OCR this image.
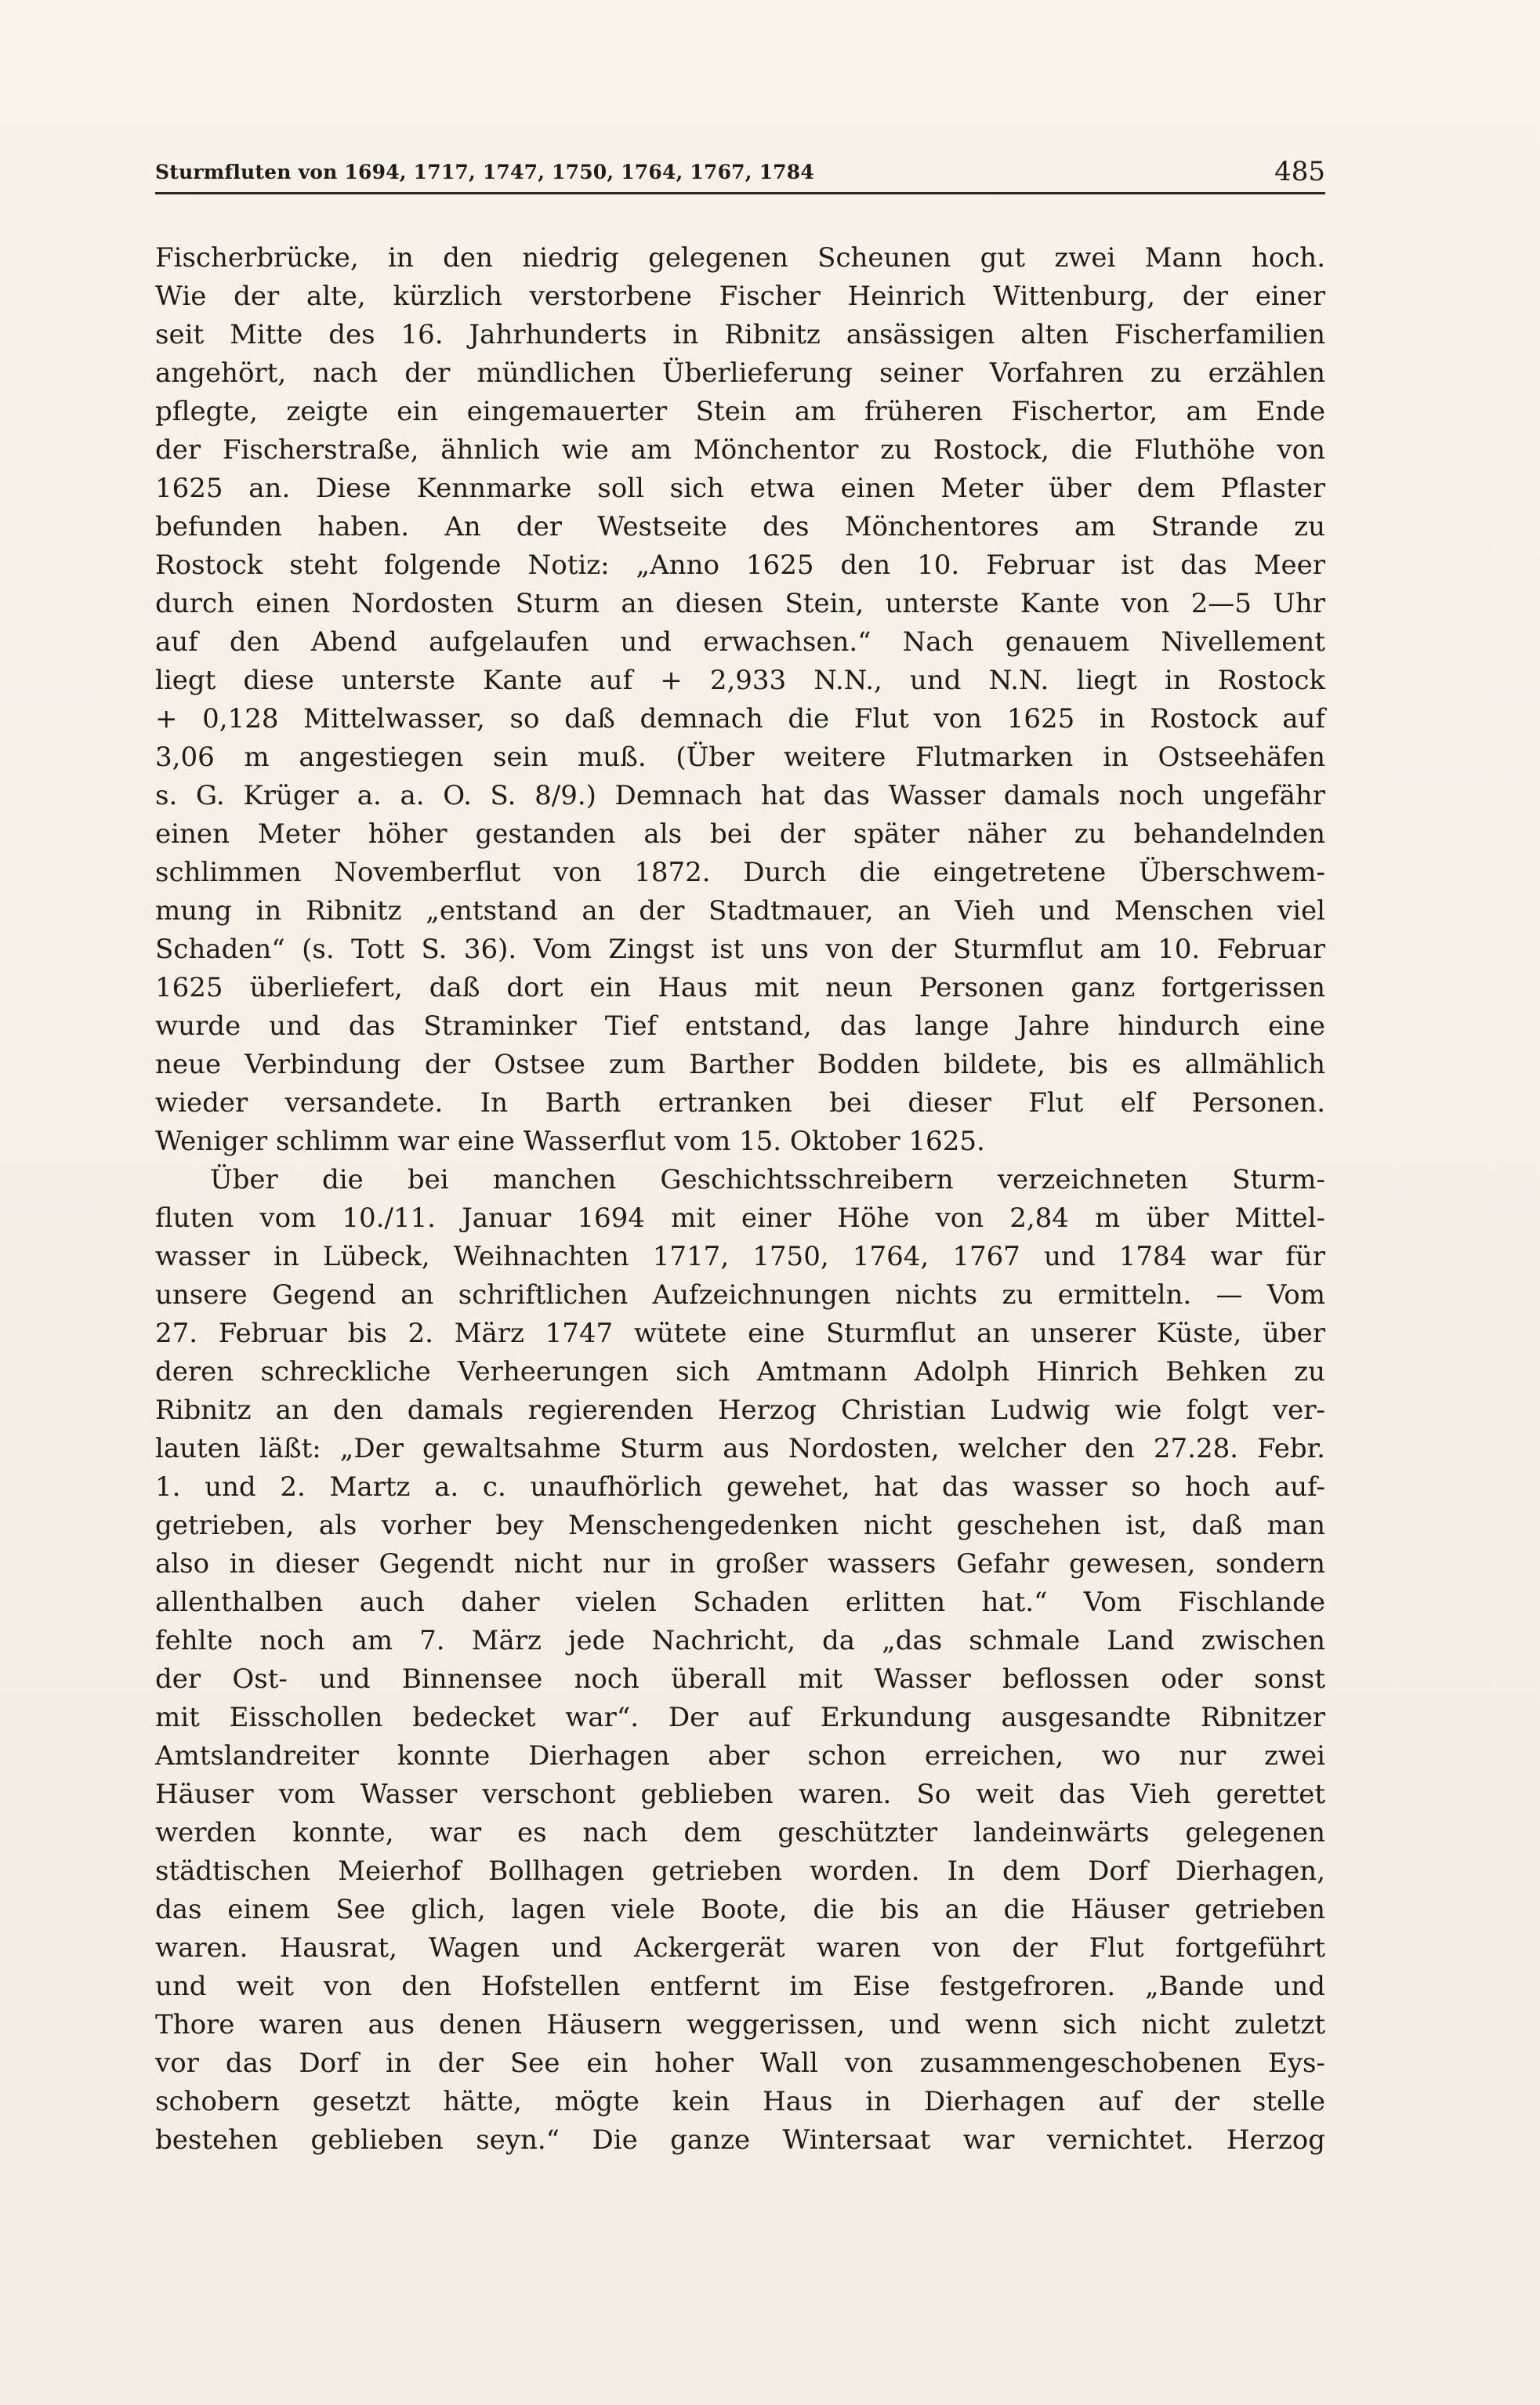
Sturmfluten von 1694, 1717, 1747, 1750, 1764, 1767, 1784	485
Fischerbrücke, in den niedrig gelegenen Scheunen gut zwei Mann hoch.
Wie der alte, kürzlich verstorbene Fischer Heinrich Wittenburg, der einer
seit Mitte des 16. Jahrhunderts in Ribnitz ansässigen alten Fischerfamilien
angehört, nach der mündlichen Überlieferung seiner Vorfahren zu erzählen
pflegte, zeigte ein eingemauerter Stein am früheren Fischertor, am Ende
der Fischerstraße, ähnlich wie am Mönchentor zu Rostock, die Fluthöhe von
1625 an. Diese Kennmarke soll sich etwa einen Meter über dem Pflaster
befunden haben. An der Westseite des Mönchentores am Strande zu
Rostock steht folgende Notiz: „Anno 1625 den 10. Februar ist das Meer
durch einen Nordosten Sturm an diesen Stein, unterste Kante von 2—5 Uhr
auf den Abend aufgelaufen und erwachsen.“ Nach genauem Nivellement
liegt diese unterste Kante auf + 2,933 N.N., und N.N. liegt in Rostock
+ 0,128 Mittelwasser, so daß demnach die Flut von 1625 in Rostock auf
3,06 m angestiegen sein muß. (Über weitere Flutmarken in Ostseehäfen
s. G. Krüger a. a. O. S. 8/9.) Demnach hat das Wasser damals noch ungefähr
einen Meter höher gestanden als bei der später näher zu behandelnden
schlimmen Novemberflut von 1872. Durch die eingetretene Überschwem-
mung in Ribnitz „entstand an der Stadtmauer, an Vieh und Menschen viel
Schaden“ (s. Tott S. 36). Vom Zingst ist uns von der Sturmflut am 10. Februar
1625 überliefert, daß dort ein Haus mit neun Personen ganz fortgerissen
wurde und das Straminker Tief entstand, das lange Jahre hindurch eine
neue Verbindung der Ostsee zum Barther Bodden bildete, bis es allmählich
wieder versandete. In Barth ertranken bei dieser Flut elf Personen.
Weniger schlimm war eine Wasserflut vom 15. Oktober 1625.
Über die bei manchen Geschichtsschreibern verzeichneten Sturm-
fluten vom 10./11. Januar 1694 mit einer Höhe von 2,84 m über Mittel-
wasser in Lübeck, Weihnachten 1717, 1750, 1764, 1767 und 1784 war für
unsere Gegend an schriftlichen Aufzeichnungen nichts zu ermitteln. — Vom
27. Februar bis 2. März 1747 wütete eine Sturmflut an unserer Küste, über
deren schreckliche Verheerungen sich Amtmann Adolph Hinrich Behken zu
Ribnitz an den damals regierenden Herzog Christian Ludwig wie folgt ver-
lauten läßt: „Der gewaltsahme Sturm aus Nordosten, welcher den 27.28. Febr.
1. und 2. Martz a. c. unaufhörlich gewehet, hat das wasser so hoch auf-
getrieben, als vorher bey Menschengedenken nicht geschehen ist, daß man
also in dieser Gegendt nicht nur in großer wassers Gefahr gewesen, sondern
allenthalben auch daher vielen Schaden erlitten hat.“ Vom Fischlande
fehlte noch am 7. März jede Nachricht, da „das schmale Land zwischen
der Ost- und Binnensee noch überall mit Wasser beflossen oder sonst
mit Eisschollen bedecket war“. Der auf Erkundung ausgesandte Ribnitzer
Amtslandreiter konnte Dierhagen aber schon erreichen, wo nur zwei
Häuser vom Wasser verschont geblieben waren. So weit das Vieh gerettet
werden konnte, war es nach dem geschützter landeinwärts gelegenen
städtischen Meierhof Bollhagen getrieben worden. In dem Dorf Dierhagen,
das einem See glich, lagen viele Boote, die bis an die Häuser getrieben
waren. Hausrat, Wagen und Ackergerät waren von der Flut fortgeführt
und weit von den Hofstellen entfernt im Eise festgefroren. „Bande und
Thore waren aus denen Häusern weggerissen, und wenn sich nicht zuletzt
vor das Dorf in der See ein hoher Wall von zusammengeschobenen Eys-
schobern gesetzt hätte, mögte kein Haus in Dierhagen auf der stelle
bestehen geblieben seyn.“ Die ganze Wintersaat war vernichtet. Herzog
